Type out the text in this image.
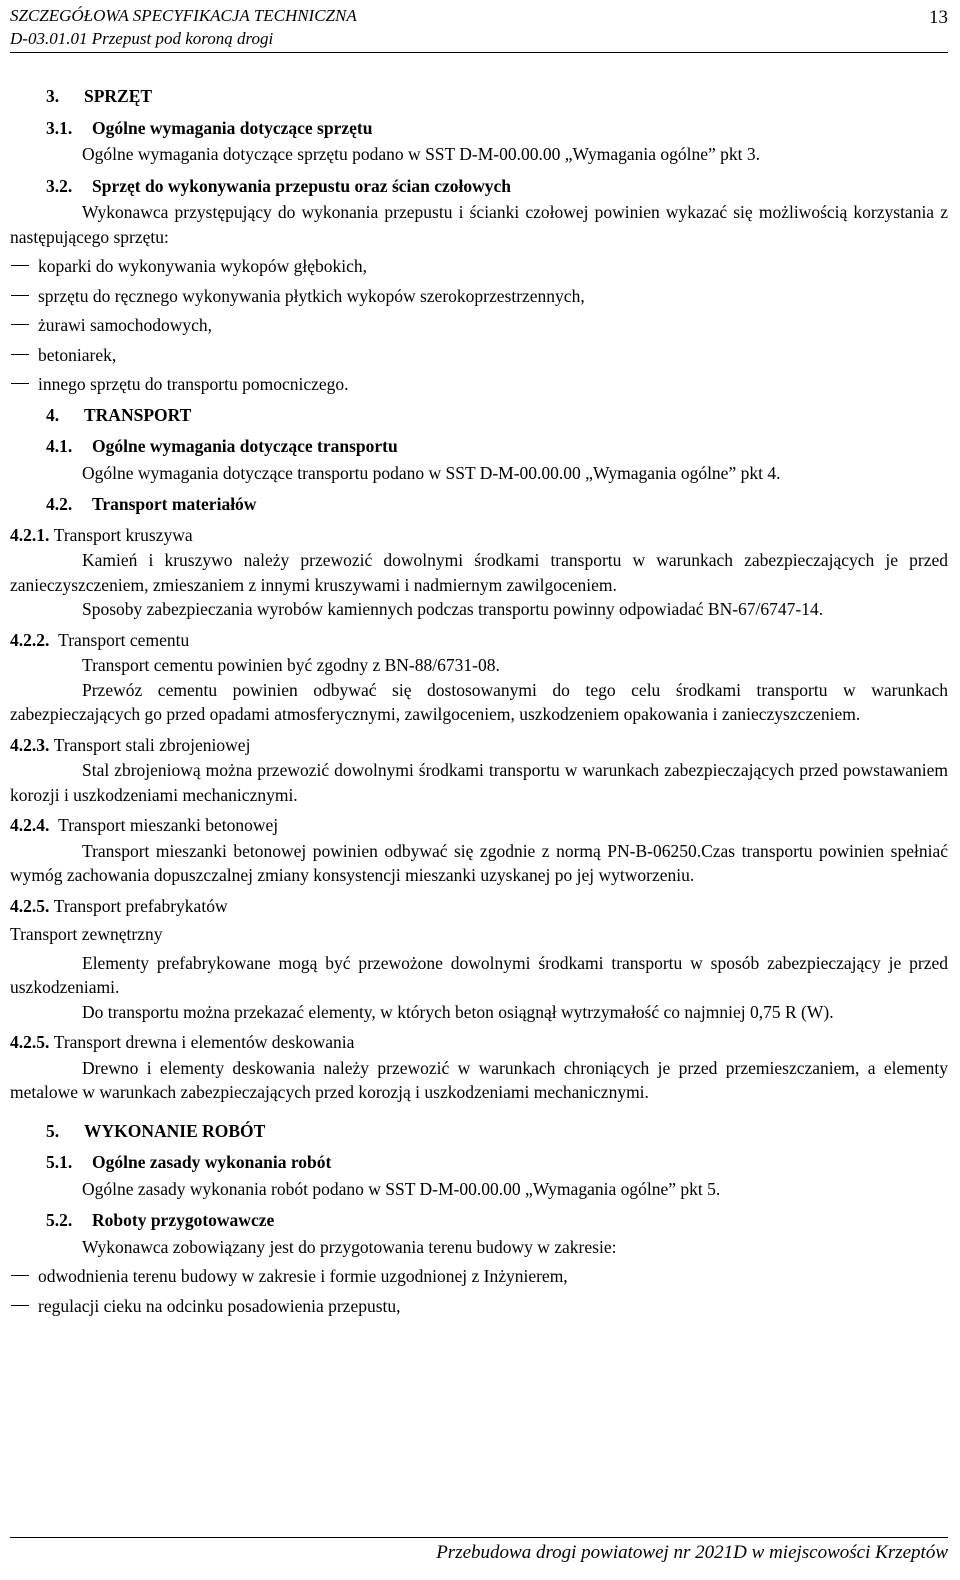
SZCZEGÓŁOWA SPECYFIKACJA TECHNICZNA
D-03.01.01 Przepust pod koroną drogi
13
3. SPRZĘT
3.1. Ogólne wymagania dotyczące sprzętu

Ogólne wymagania dotyczące sprzętu podano w SST D-M-00.00.00 „Wymagania ogólne” pkt 3.

3.2. Sprzęt do wykonywania przepustu oraz ścian czołowych

Wykonawca przystępujący do wykonania przepustu i ścianki czołowej powinien wykazać się możliwością korzystania z następującego sprzętu:

koparki do wykonywania wykopów głębokich,
sprzętu do ręcznego wykonywania płytkich wykopów szerokoprzestrzennych,
żurawi samochodowych,
betoniarek,
innego sprzętu do transportu pomocniczego.
4. TRANSPORT
4.1. Ogólne wymagania dotyczące transportu

Ogólne wymagania dotyczące transportu podano w SST D-M-00.00.00 „Wymagania ogólne” pkt 4.

4.2. Transport materiałów
4.2.1. Transport kruszywa

Kamień i kruszywo należy przewozić dowolnymi środkami transportu w warunkach zabezpieczających je przed zanieczyszczeniem, zmieszaniem z innymi kruszywami i nadmiernym zawilgoceniem.

Sposoby zabezpieczania wyrobów kamiennych podczas transportu powinny odpowiadać BN-67/6747-14.

4.2.2. Transport cementu

Transport cementu powinien być zgodny z BN-88/6731-08.

Przewóz cementu powinien odbywać się dostosowanymi do tego celu środkami transportu w warunkach zabezpieczających go przed opadami atmosferycznymi, zawilgoceniem, uszkodzeniem opakowania i zanieczyszczeniem.

4.2.3. Transport stali zbrojeniowej

Stal zbrojeniową można przewozić dowolnymi środkami transportu w warunkach zabezpieczających przed powstawaniem korozji i uszkodzeniami mechanicznymi.

4.2.4. Transport mieszanki betonowej

Transport mieszanki betonowej powinien odbywać się zgodnie z normą PN-B-06250.Czas transportu powinien spełniać wymóg zachowania dopuszczalnej zmiany konsystencji mieszanki uzyskanej po jej wytworzeniu.

4.2.5. Transport prefabrykatów

Transport zewnętrzny

Elementy prefabrykowane mogą być przewożone dowolnymi środkami transportu w sposób zabezpieczający je przed uszkodzeniami.

Do transportu można przekazać elementy, w których beton osiągnął wytrzymałość co najmniej 0,75 R (W).

4.2.5. Transport drewna i elementów deskowania

Drewno i elementy deskowania należy przewozić w warunkach chroniących je przed przemieszczaniem, a elementy metalowe w warunkach zabezpieczających przed korozją i uszkodzeniami mechanicznymi.

5. WYKONANIE ROBÓT
5.1. Ogólne zasady wykonania robót

Ogólne zasady wykonania robót podano w SST D-M-00.00.00 „Wymagania ogólne” pkt 5.

5.2. Roboty przygotowawcze

Wykonawca zobowiązany jest do przygotowania terenu budowy w zakresie:

odwodnienia terenu budowy w zakresie i formie uzgodnionej z Inżynierem,
regulacji cieku na odcinku posadowienia przepustu,
Przebudowa drogi powiatowej nr 2021D w miejscowości Krzeptów
